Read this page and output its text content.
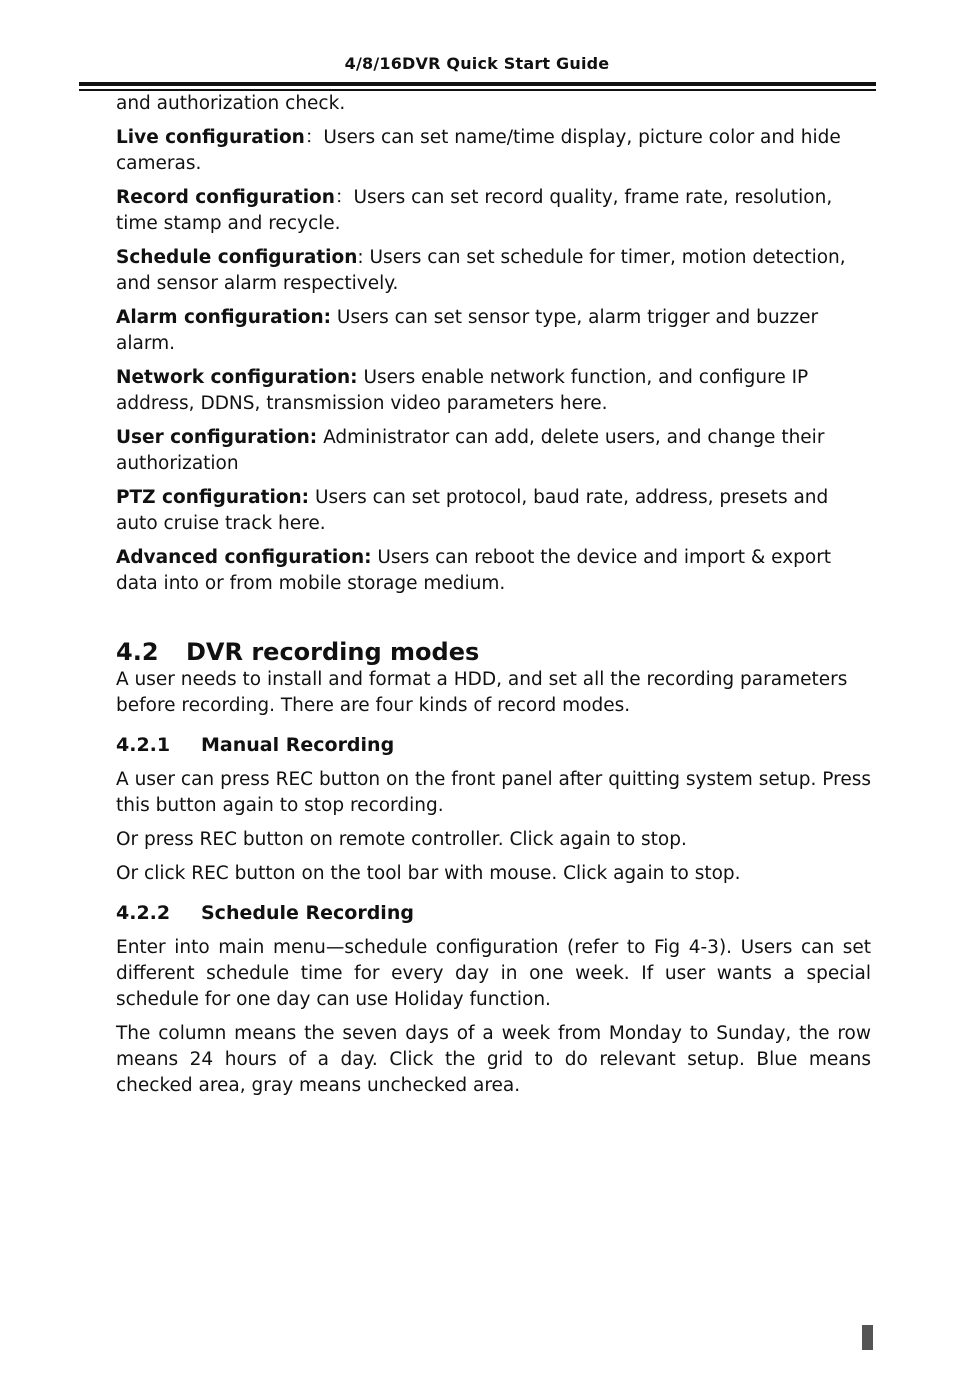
4/8/16DVR Quick Start Guide

and authorization check.

Live configuration：Users can set name/time display, picture color and hide cameras.

Record configuration：Users can set record quality, frame rate, resolution, time stamp and recycle.

Schedule configuration: Users can set schedule for timer, motion detection, and sensor alarm respectively.

Alarm configuration: Users can set sensor type, alarm trigger and buzzer alarm.

Network configuration: Users enable network function, and configure IP address, DDNS, transmission video parameters here.

User configuration: Administrator can add, delete users, and change their authorization

PTZ configuration: Users can set protocol, baud rate, address, presets and auto cruise track here.

Advanced configuration: Users can reboot the device and import & export data into or from mobile storage medium.

4.2 DVR recording modes

A user needs to install and format a HDD, and set all the recording parameters before recording. There are four kinds of record modes.

4.2.1 Manual Recording

A user can press REC button on the front panel after quitting system setup. Press this button again to stop recording.

Or press REC button on remote controller. Click again to stop.

Or click REC button on the tool bar with mouse. Click again to stop.

4.2.2 Schedule Recording

Enter into main menu—schedule configuration (refer to Fig 4-3). Users can set different schedule time for every day in one week. If user wants a special schedule for one day can use Holiday function.

The column means the seven days of a week from Monday to Sunday, the row means 24 hours of a day. Click the grid to do relevant setup. Blue means checked area, gray means unchecked area.
